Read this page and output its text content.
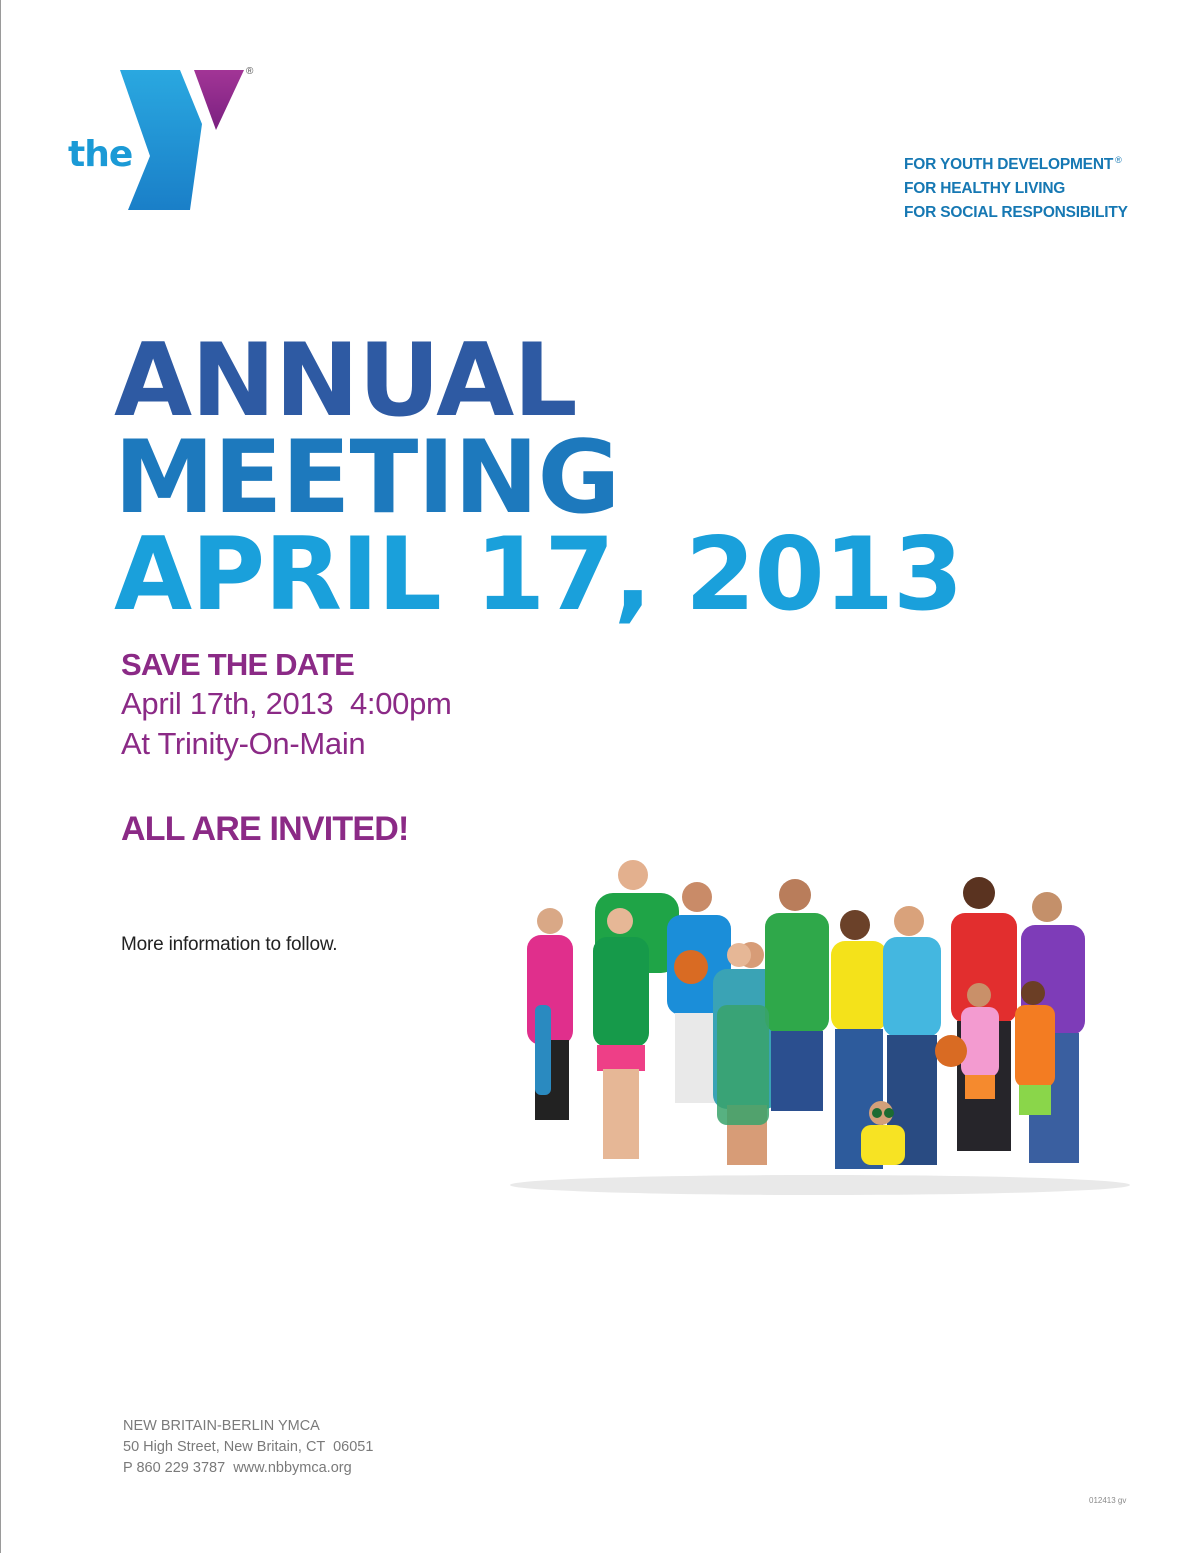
the
YMCA
®
FOR YOUTH DEVELOPMENT ®
FOR HEALTHY LIVING
FOR SOCIAL RESPONSIBILITY
ANNUAL
MEETING
APRIL 17, 2013
SAVE THE DATE
April 17th, 2013  4:00pm
At Trinity-On-Main
ALL ARE INVITED!
More information to follow.
NEW BRITAIN-BERLIN YMCA
50 High Street, New Britain, CT  06051
P 860 229 3787  www.nbbymca.org
012413 gv
